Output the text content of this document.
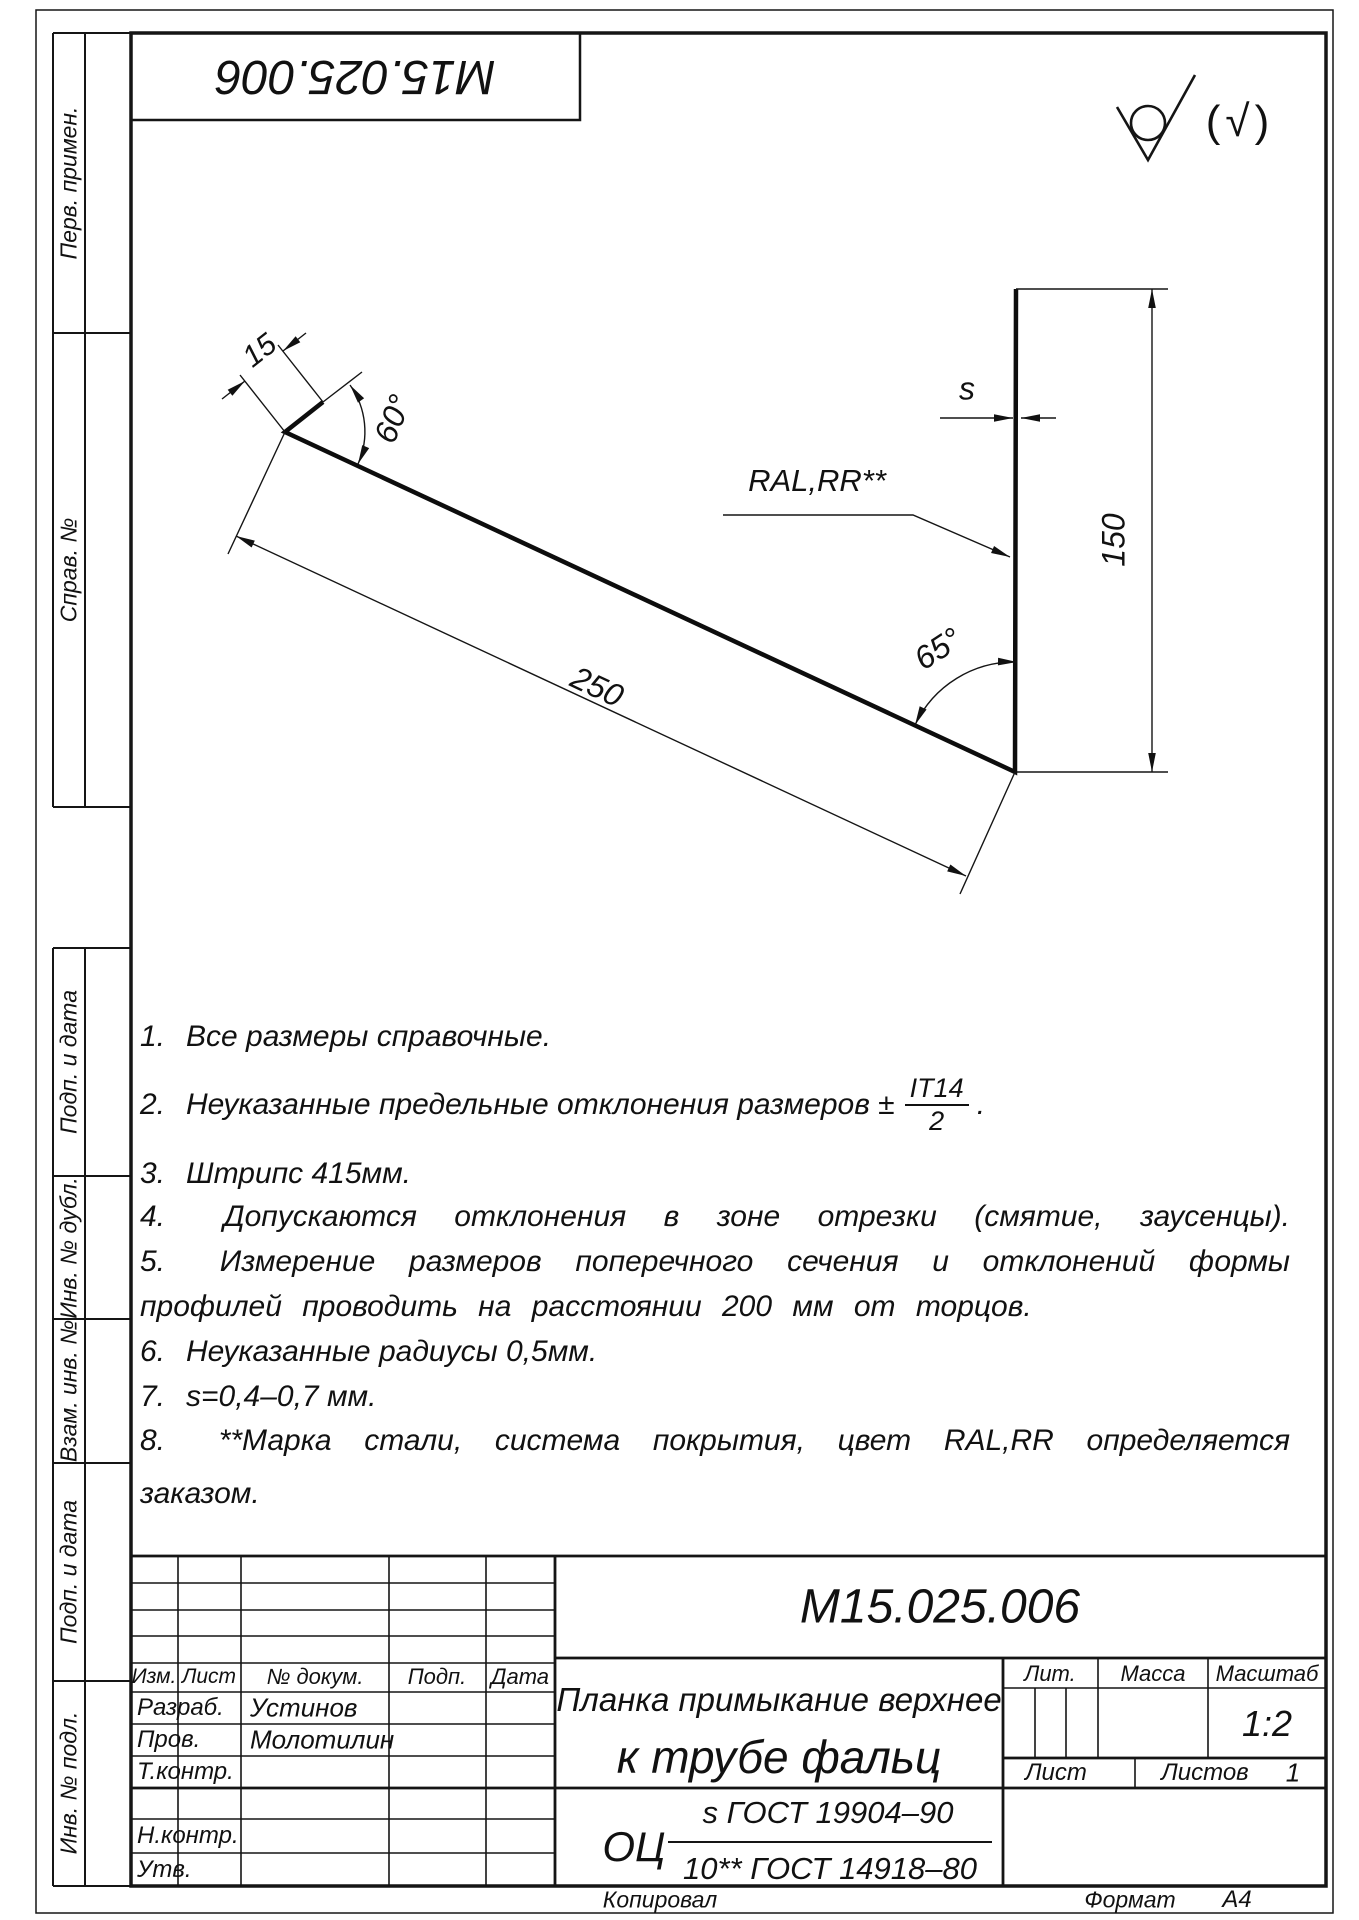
М15.025.006
(√)
Перв. примен.
Справ. №
Подп. и дата
Инв. № дубл.
Взам. инв. №
Подп. и дата
Инв. № подл.
15
60°
250
65°
s
150
RAL,RR**
1. Все размеры справочные.
2. Неуказанные предельные отклонения размеров ± $\frac{IT14}{2}$ .
3. Штрипс 415мм.
4. Допускаются отклонения в зоне отрезки (смятие, заусенцы).
5. Измерение размеров поперечного сечения и отклонений формы
профилей проводить на расстоянии 200 мм от торцов.
6. Неуказанные радиусы 0,5мм.
7. s=0,4–0,7 мм.
8. **Марка стали, система покрытия, цвет RAL,RR определяется
заказом.
М15.025.006
Планка примыкание верхнее
к трубе фальц
ОЦ
s ГОСТ 19904–90
10** ГОСТ 14918–80
Изм. Лист № докум. Подп. Дата
Разраб. Устинов
Пров. Молотилин
Т.контр.
Н.контр.
Утв.
Лит. Масса Масштаб
1:2
Лист	Листов 1
Копировал	Формат А4
